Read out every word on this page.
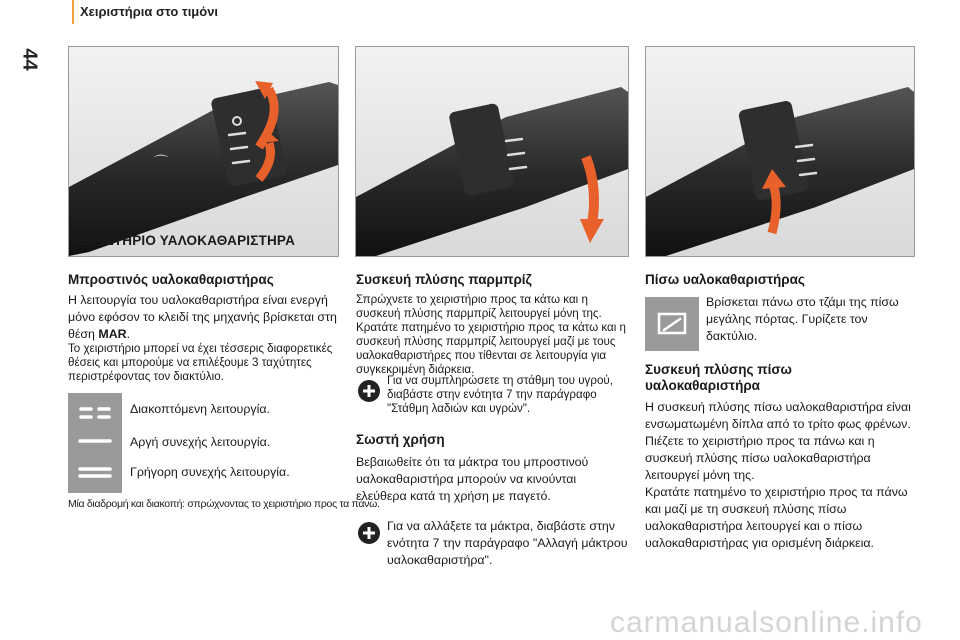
44
Χειριστήρια στο τιμόνι
⌒
ΧΕΙΡΙΣΤΗΡΙΟ ΥΑΛΟΚΑΘΑΡΙΣΤΗΡΑ
Μπροστινός υαλοκαθαριστήρας
Η λειτουργία του υαλοκαθαριστήρα είναι ενεργή μόνο εφόσον το κλειδί της μηχανής βρίσκεται στη θέση MAR.
Το χειριστήριο μπορεί να έχει τέσσερις διαφορετικές θέσεις και μπορούμε να επιλέξουμε 3 ταχύτητες περιστρέφοντας τον διακτύλιο.
Διακοπτόμενη λειτουργία.
Αργή συνεχής λειτουργία.
Γρήγορη συνεχής λειτουργία.
Μία διαδρομή και διακοπή: σπρώχνοντας το χειριστήριο προς τα πάνω.
Συσκευή πλύσης παρμπρίζ
Σπρώχνετε το χειριστήριο προς τα κάτω και η συσκευή πλύσης παρμπρίζ λειτουργεί μόνη της. Κρατάτε πατημένο το χειριστήριο προς τα κάτω και η συσκευή πλύσης παρμπρίζ λειτουργεί μαζί με τους υαλοκαθαριστήρες που τίθενται σε λειτουργία για συγκεκριμένη διάρκεια.
Για να συμπληρώσετε τη στάθμη του υγρού, διαβάστε στην ενότητα 7 την παράγραφο "Στάθμη λαδιών και υγρών".
Σωστή χρήση
Βεβαιωθείτε ότι τα μάκτρα του μπροστινού υαλοκαθαριστήρα μπορούν να κινούνται ελεύθερα κατά τη χρήση με παγετό.
Για να αλλάξετε τα μάκτρα, διαβάστε στην ενότητα 7 την παράγραφο "Αλλαγή μάκτρου υαλοκαθαριστήρα".
Πίσω υαλοκαθαριστήρας
Βρίσκεται πάνω στο τζάμι της πίσω μεγάλης πόρτας. Γυρίζετε τον δακτύλιο.
Συσκευή πλύσης πίσω υαλοκαθαριστήρα
Η συσκευή πλύσης πίσω υαλοκαθαριστήρα είναι ενσωματωμένη δίπλα από το τρίτο φως φρένων.
Πιέζετε το χειριστήριο προς τα πάνω και η συσκευή πλύσης πίσω υαλοκαθαριστήρα λειτουργεί μόνη της.
Κρατάτε πατημένο το χειριστήριο προς τα πάνω και μαζί με τη συσκευή πλύσης πίσω υαλοκαθαριστήρα λειτουργεί και ο πίσω υαλοκαθαριστήρας για ορισμένη διάρκεια.
carmanualsonline.info
